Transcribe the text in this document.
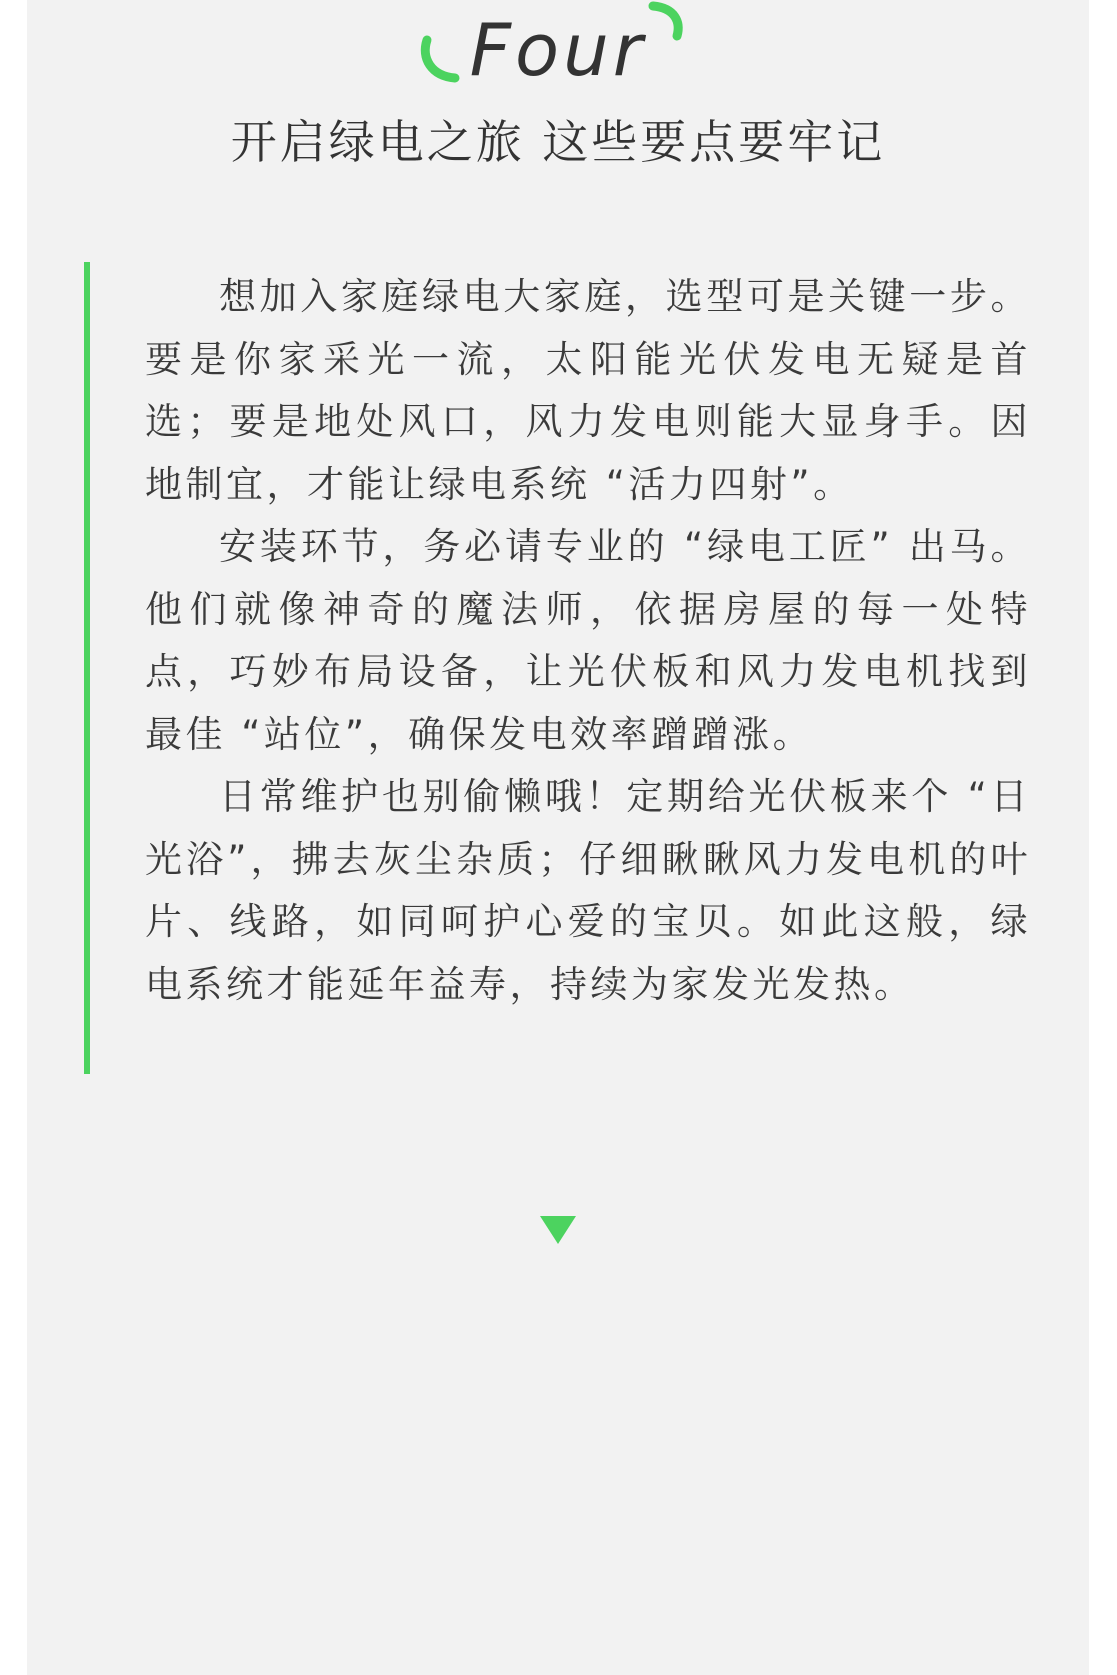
Four
开启绿电之旅 这些要点要牢记

想加入家庭绿电大家庭，选型可是关键一步。要是你家采光一流，太阳能光伏发电无疑是首选；要是地处风口，风力发电则能大显身手。因地制宜，才能让绿电系统 “活力四射”。

安装环节，务必请专业的 “绿电工匠” 出马。他们就像神奇的魔法师，依据房屋的每一处特点，巧妙布局设备，让光伏板和风力发电机找到最佳 “站位”，确保发电效率蹭蹭涨。

日常维护也别偷懒哦！定期给光伏板来个 “日光浴”，拂去灰尘杂质；仔细瞅瞅风力发电机的叶片、线路，如同呵护心爱的宝贝。如此这般，绿电系统才能延年益寿，持续为家发光发热。
